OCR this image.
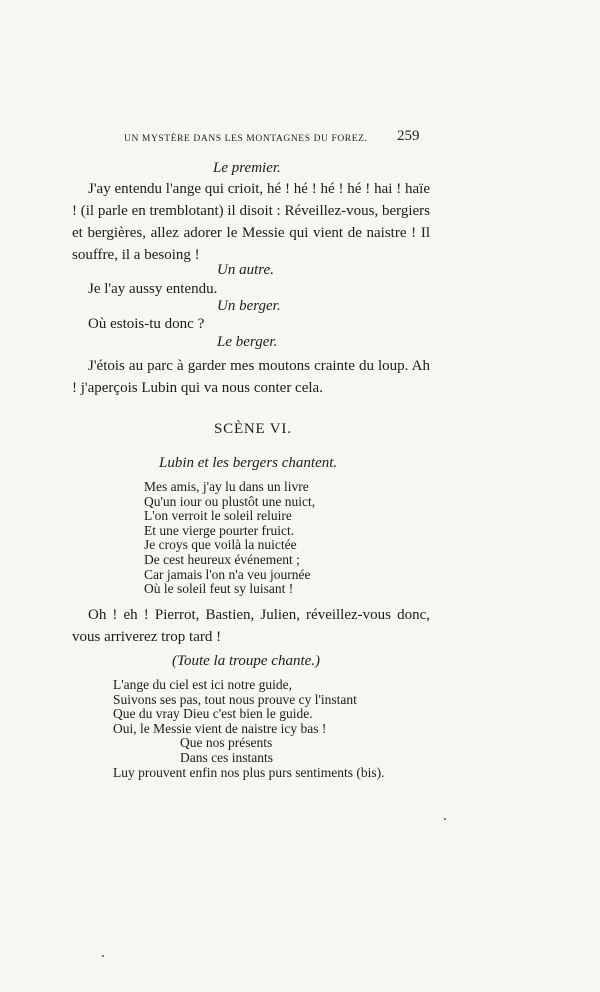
UN MYSTÈRE DANS LES MONTAGNES DU FOREZ.	259
Le premier.
J'ay entendu l'ange qui crioit, hé ! hé ! hé ! hé ! hai ! haïe ! (il parle en tremblotant) il disoit : Réveillez-vous, bergiers et bergières, allez adorer le Messie qui vient de naistre ! Il souffre, il a besoing !
Un autre.
Je l'ay aussy entendu.
Un berger.
Où estois-tu donc ?
Le berger.
J'étois au parc à garder mes moutons crainte du loup. Ah ! j'aperçois Lubin qui va nous conter cela.
SCÈNE VI.
Lubin et les bergers chantent.
Mes amis, j'ay lu dans un livre
Qu'un iour ou plustôt une nuict,
L'on verroit le soleil reluire
Et une vierge pourter fruict.
Je croys que voilà la nuictée
De cest heureux événement ;
Car jamais l'on n'a veu journée
Où le soleil feut sy luisant !
Oh ! eh ! Pierrot, Bastien, Julien, réveillez-vous donc, vous arriverez trop tard !
(Toute la troupe chante.)
L'ange du ciel est ici notre guide,
Suivons ses pas, tout nous prouve cy l'instant
Que du vray Dieu c'est bien le guide.
Oui, le Messie vient de naistre icy bas !
Que nos présents
Dans ces instants
Luy prouvent enfin nos plus purs sentiments (bis).
